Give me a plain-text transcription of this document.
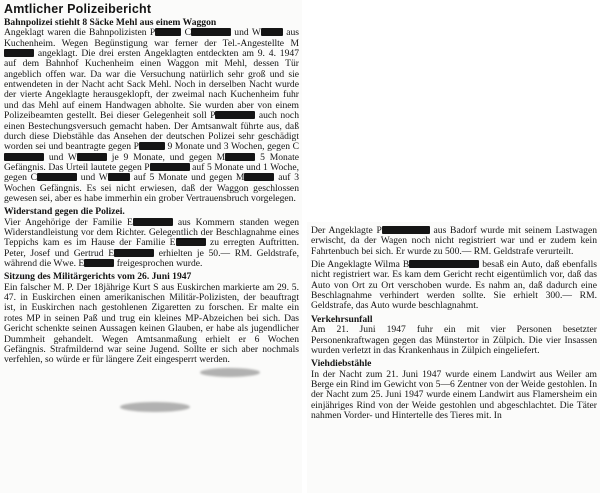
Amtlicher Polizeibericht
Bahnpolizei stiehlt 8 Säcke Mehl aus einem Waggon

Angeklagt waren die Bahnpolizisten P	C	und W	aus Kuchenheim. Wegen Begünstigung war ferner der Tel.-Angestellte M angeklagt. Die drei ersten Angeklagten entdeckten am 9. 4. 1947 auf dem Bahnhof Kuchenheim einen Waggon mit Mehl, dessen Tür angeblich offen war. Da war die Versuchung natürlich sehr groß und sie entwendeten in der Nacht acht Sack Mehl. Noch in derselben Nacht wurde der vierte Angeklagte herausgeklopft, der zweimal nach Kuchenheim fuhr und das Mehl auf einem Handwagen abholte. Sie wurden aber von einem Polizeibeamten gestellt. Bei dieser Gelegenheit soll P	auch noch einen Bestechungsversuch gemacht haben. Der Amtsanwalt führte aus, daß durch diese Diebstähle das Ansehen der deutschen Polizei sehr geschädigt worden sei und beantragte gegen P	9 Monate und 3 Wochen, gegen C und W	je 9 Monate, und gegen M	5 Monate Gefängnis. Das Urteil lautete gegen P	auf 5 Monate und 1 Woche, gegen C	und W	auf 5 Monate und gegen M	auf 3 Wochen Gefängnis. Es sei nicht erwiesen, daß der Waggon geschlossen gewesen sei, aber es habe immerhin ein grober Vertrauensbruch vorgelegen.

Widerstand gegen die Polizei.

Vier Angehörige der Familie E	aus Kommern standen wegen Widerstandleistung vor dem Richter. Gelegentlich der Beschlagnahme eines Teppichs kam es im Hause der Familie E	zu erregten Auftritten. Peter, Josef und Gertrud E	erhielten je 50.— RM. Geldstrafe, während die Wwe. E	freigesprochen wurde.

Sitzung des Militärgerichts vom 26. Juni 1947

Ein falscher M. P. Der 18jährige Kurt S aus Euskirchen markierte am 29. 5. 47. in Euskirchen einen amerikanischen Militär-Polizisten, der beauftragt ist, in Euskirchen nach gestohlenen Zigaretten zu forschen. Er malte ein rotes MP in seinen Paß und trug ein kleines MP-Abzeichen bei sich. Das Gericht schenkte seinen Aussagen keinen Glauben, er habe als jugendlicher Dummheit gehandelt. Wegen Amtsanmaßung erhielt er 6 Wochen Gefängnis. Strafmildernd war seine Jugend. Sollte er sich aber nochmals verfehlen, so würde er für längere Zeit eingesperrt werden.

Der Angeklagte P	aus Badorf wurde mit seinem Lastwagen erwischt, da der Wagen noch nicht registriert war und er zudem kein Fahrtenbuch bei sich. Er wurde zu 500.— RM. Geldstrafe verurteilt.

Die Angeklagte Wilma B	besaß ein Auto, daß ebenfalls nicht registriert war. Es kam dem Gericht recht eigentümlich vor, daß das Auto von Ort zu Ort verschoben wurde. Es nahm an, daß dadurch eine Beschlagnahme verhindert werden sollte. Sie erhielt 300.— RM. Geldstrafe, das Auto wurde beschlagnahmt.

Verkehrsunfall

Am 21. Juni 1947 fuhr ein mit vier Personen besetzter Personenkraftwagen gegen das Münstertor in Zülpich. Die vier Insassen wurden verletzt in das Krankenhaus in Zülpich eingeliefert.

Viehdiebstähle

In der Nacht zum 21. Juni 1947 wurde einem Landwirt aus Weiler am Berge ein Rind im Gewicht von 5—6 Zentner von der Weide gestohlen. In der Nacht zum 25. Juni 1947 wurde einem Landwirt aus Flamersheim ein einjähriges Rind von der Weide gestohlen und abgeschlachtet. Die Täter nahmen Vorder- und Hintertelle des Tieres mit. In
